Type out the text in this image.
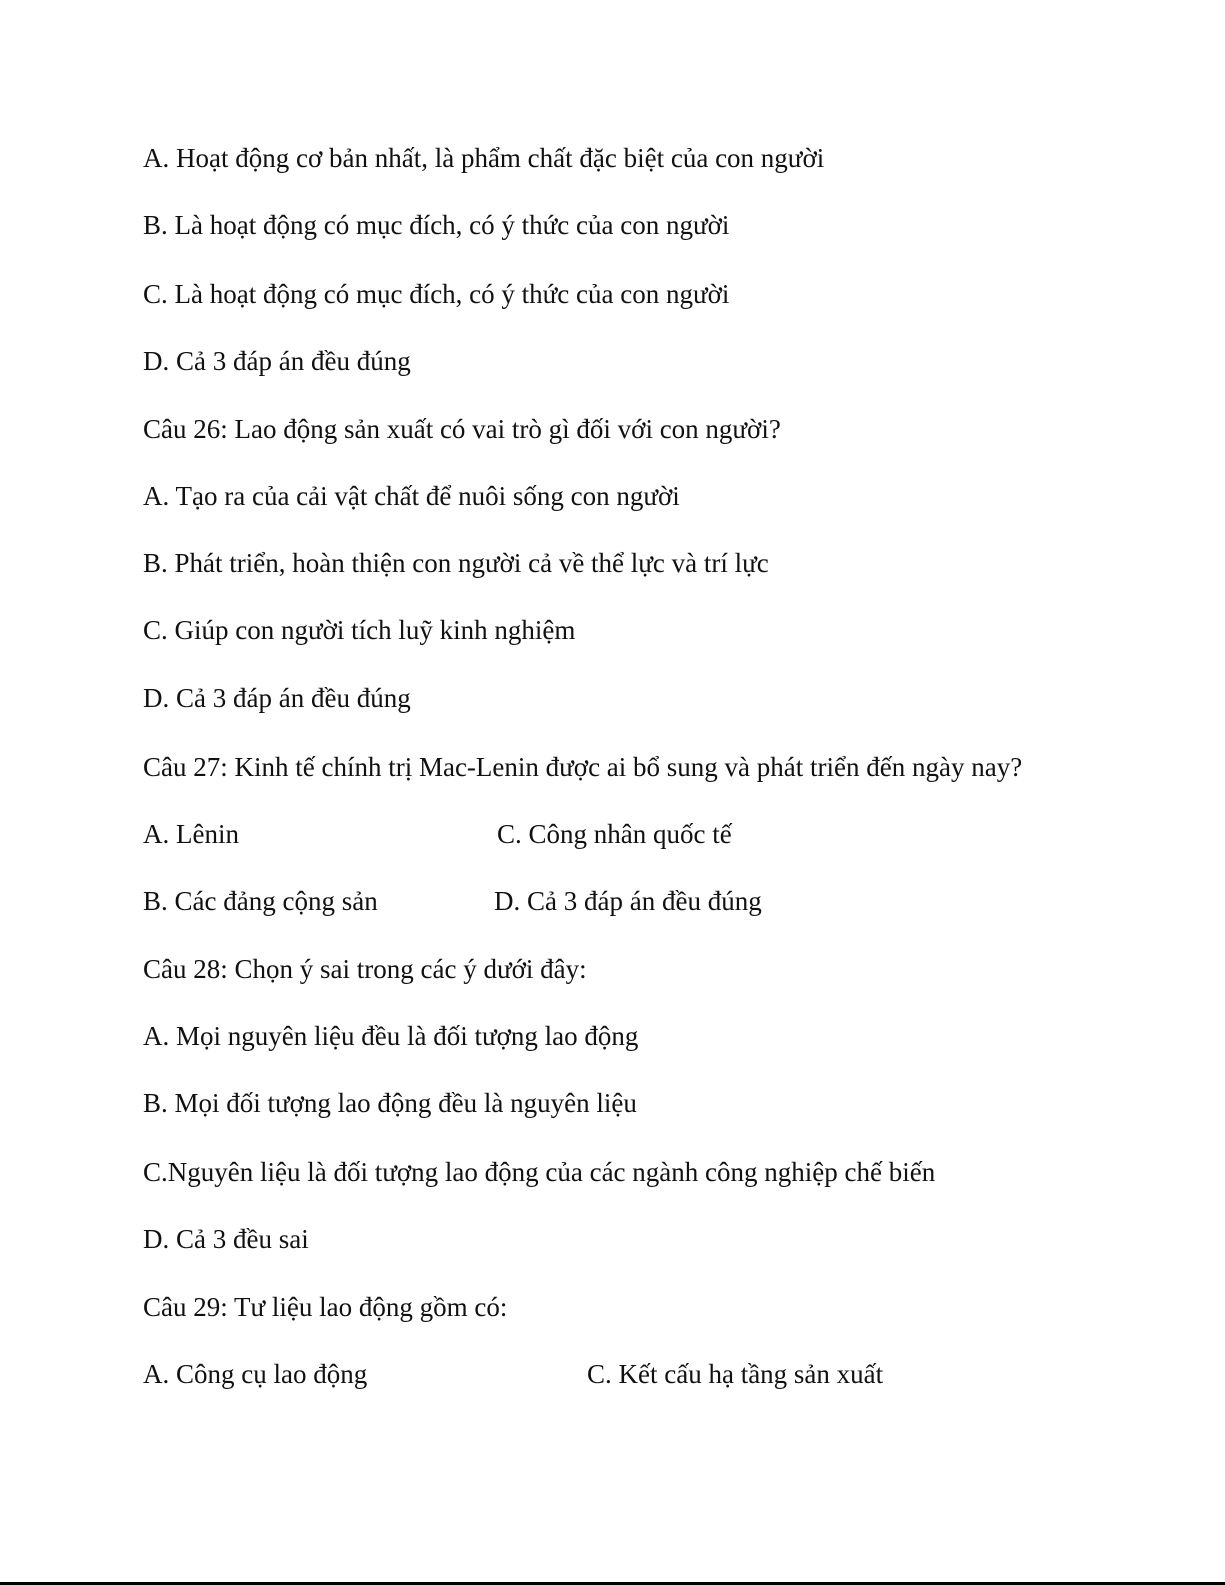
A. Hoạt động cơ bản nhất, là phẩm chất đặc biệt của con người
B. Là hoạt động có mục đích, có ý thức của con người
C. Là hoạt động có mục đích, có ý thức của con người
D. Cả 3 đáp án đều đúng
Câu 26: Lao động sản xuất có vai trò gì đối với con người?
A. Tạo ra của cải vật chất để nuôi sống con người
B. Phát triển, hoàn thiện con người cả về thể lực và trí lực
C. Giúp con người tích luỹ kinh nghiệm
D. Cả 3 đáp án đều đúng
Câu 27: Kinh tế chính trị Mac-Lenin được ai bổ sung và phát triển đến ngày nay?
A. Lênin	C. Công nhân quốc tế
B. Các đảng cộng sản	D. Cả 3 đáp án đều đúng
Câu 28: Chọn ý sai trong các ý dưới đây:
A. Mọi nguyên liệu đều là đối tượng lao động
B. Mọi đối tượng lao động đều là nguyên liệu
C.Nguyên liệu là đối tượng lao động của các ngành công nghiệp chế biến
D. Cả 3 đều sai
Câu 29: Tư liệu lao động gồm có:
A. Công cụ lao động	C. Kết cấu hạ tầng sản xuất
